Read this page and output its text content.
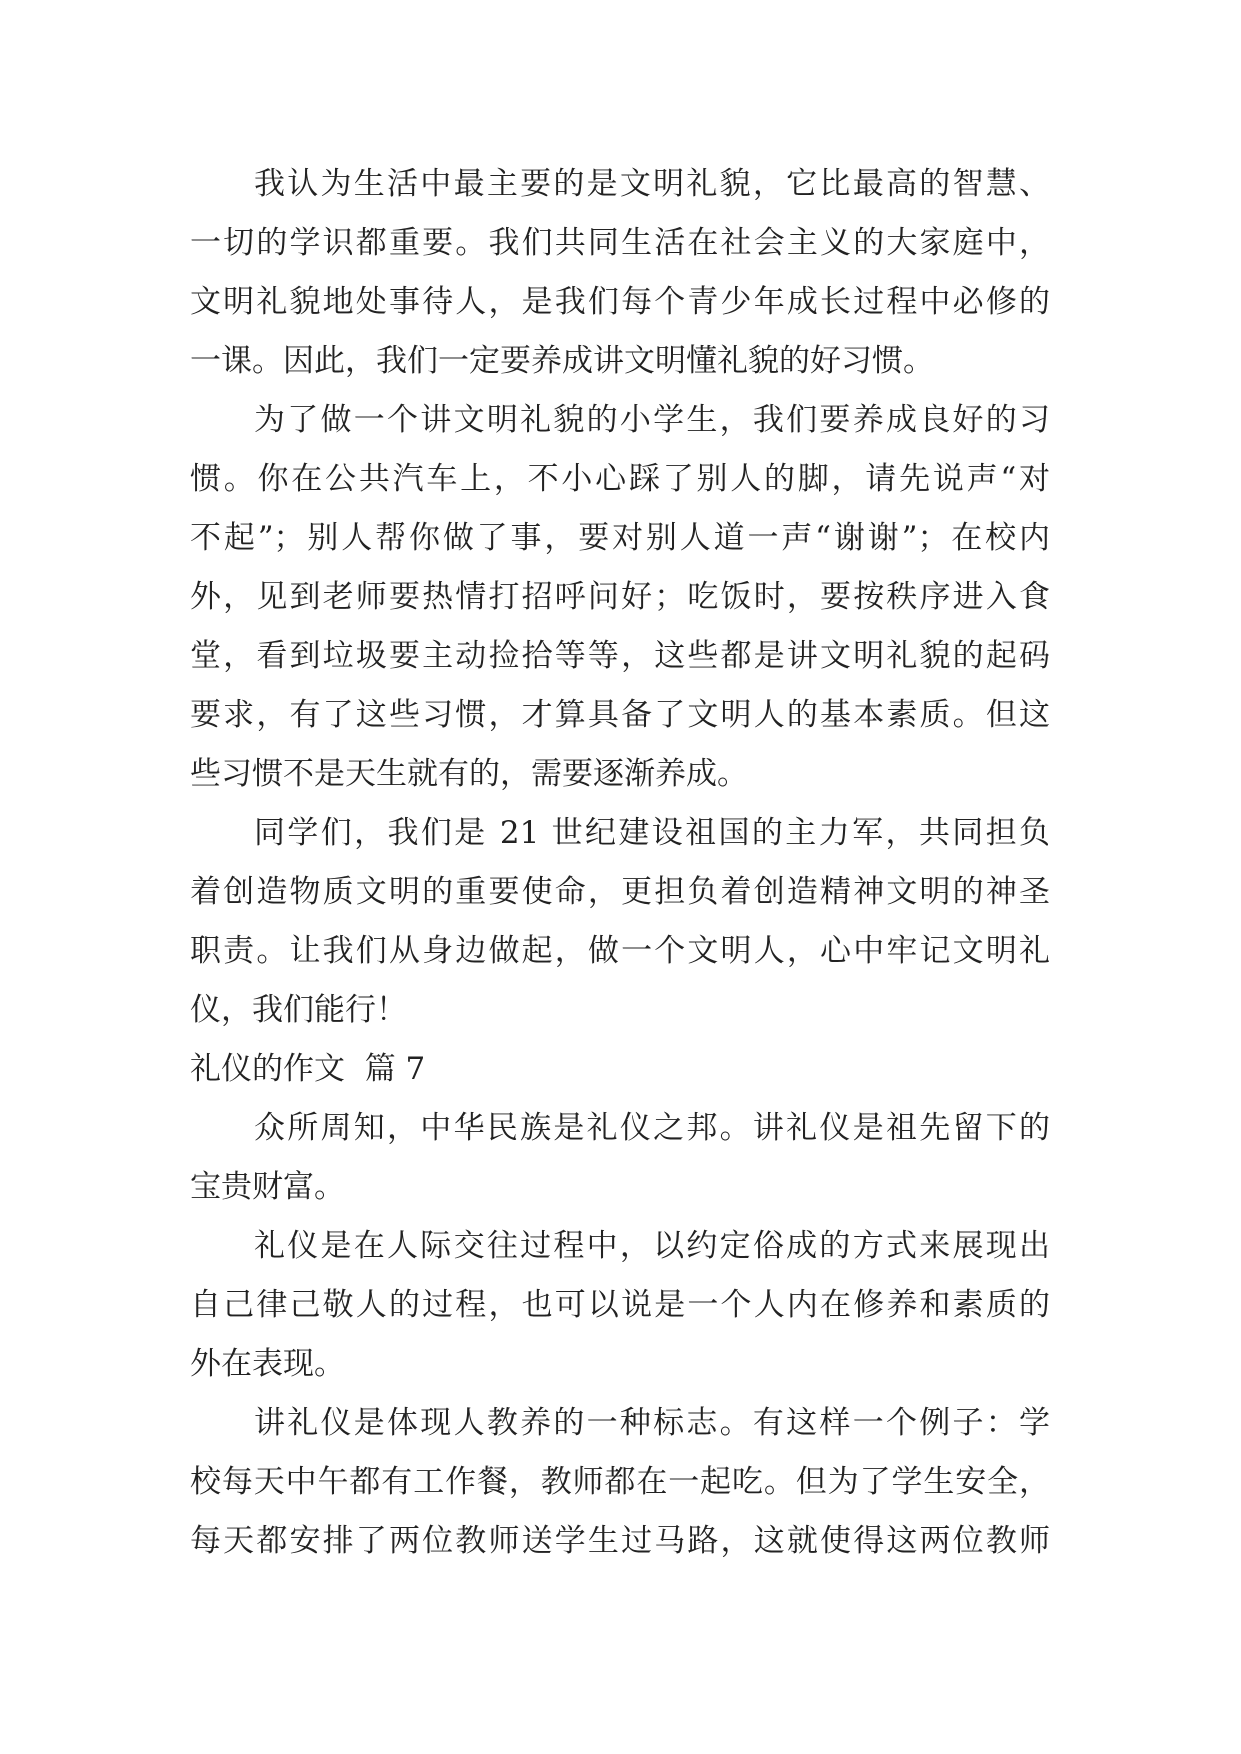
我认为生活中最主要的是文明礼貌，它比最高的智慧、
一切的学识都重要。我们共同生活在社会主义的大家庭中，
文明礼貌地处事待人，是我们每个青少年成长过程中必修的
一课。因此，我们一定要养成讲文明懂礼貌的好习惯。
为了做一个讲文明礼貌的小学生，我们要养成良好的习
惯。你在公共汽车上，不小心踩了别人的脚，请先说声“对
不起”；别人帮你做了事，要对别人道一声“谢谢”；在校内
外，见到老师要热情打招呼问好；吃饭时，要按秩序进入食
堂，看到垃圾要主动捡拾等等，这些都是讲文明礼貌的起码
要求，有了这些习惯，才算具备了文明人的基本素质。但这
些习惯不是天生就有的，需要逐渐养成。
同学们，我们是 21 世纪建设祖国的主力军，共同担负
着创造物质文明的重要使命，更担负着创造精神文明的神圣
职责。让我们从身边做起，做一个文明人，心中牢记文明礼
仪，我们能行！
礼仪的作文  篇 7
众所周知，中华民族是礼仪之邦。讲礼仪是祖先留下的
宝贵财富。
礼仪是在人际交往过程中，以约定俗成的方式来展现出
自己律己敬人的过程，也可以说是一个人内在修养和素质的
外在表现。
讲礼仪是体现人教养的一种标志。有这样一个例子：学
校每天中午都有工作餐，教师都在一起吃。但为了学生安全，
每天都安排了两位教师送学生过马路，这就使得这两位教师
